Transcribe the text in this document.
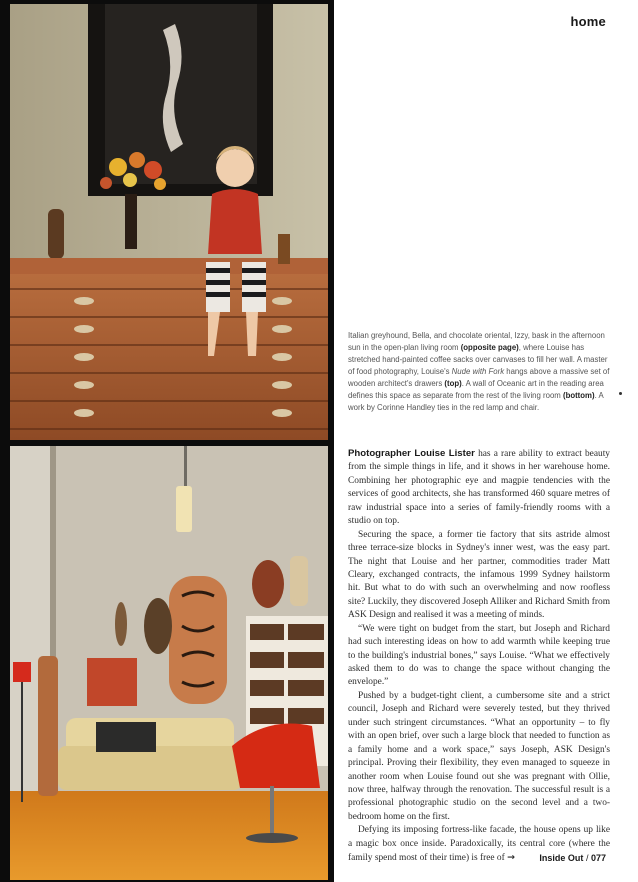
home

Italian greyhound, Bella, and chocolate oriental, Izzy, bask in the afternoon sun in the open-plan living room (opposite page), where Louise has stretched hand-painted coffee sacks over canvases to fill her wall. A master of food photography, Louise's Nude with Fork hangs above a massive set of wooden architect's drawers (top). A wall of Oceanic art in the reading area defines this space as separate from the rest of the living room (bottom). A work by Corinne Handley ties in the red lamp and chair.

Photographer Louise Lister has a rare ability to extract beauty from the simple things in life, and it shows in her warehouse home. Combining her photographic eye and magpie tendencies with the services of good architects, she has transformed 460 square metres of raw industrial space into a series of family-friendly rooms with a studio on top.

Securing the space, a former tie factory that sits astride almost three terrace-size blocks in Sydney's inner west, was the easy part. The night that Louise and her partner, commodities trader Matt Cleary, exchanged contracts, the infamous 1999 Sydney hailstorm hit. But what to do with such an overwhelming and now roofless site? Luckily, they discovered Joseph Alliker and Richard Smith from ASK Design and realised it was a meeting of minds.

“We were tight on budget from the start, but Joseph and Richard had such interesting ideas on how to add warmth while keeping true to the building's industrial bones,” says Louise. “What we effectively asked them to do was to change the space without changing the envelope.”

Pushed by a budget-tight client, a cumbersome site and a strict council, Joseph and Richard were severely tested, but they thrived under such stringent circumstances. “What an opportunity – to fly with an open brief, over such a large block that needed to function as a family home and a work space,” says Joseph, ASK Design's principal. Proving their flexibility, they even managed to squeeze in another room when Louise found out she was pregnant with Ollie, now three, halfway through the renovation. The successful result is a professional photographic studio on the second level and a two-bedroom home on the first.

Defying its imposing fortress-like facade, the house opens up like a magic box once inside. Paradoxically, its central core (where the family spend most of their time) is free of →	Inside Out / 077
